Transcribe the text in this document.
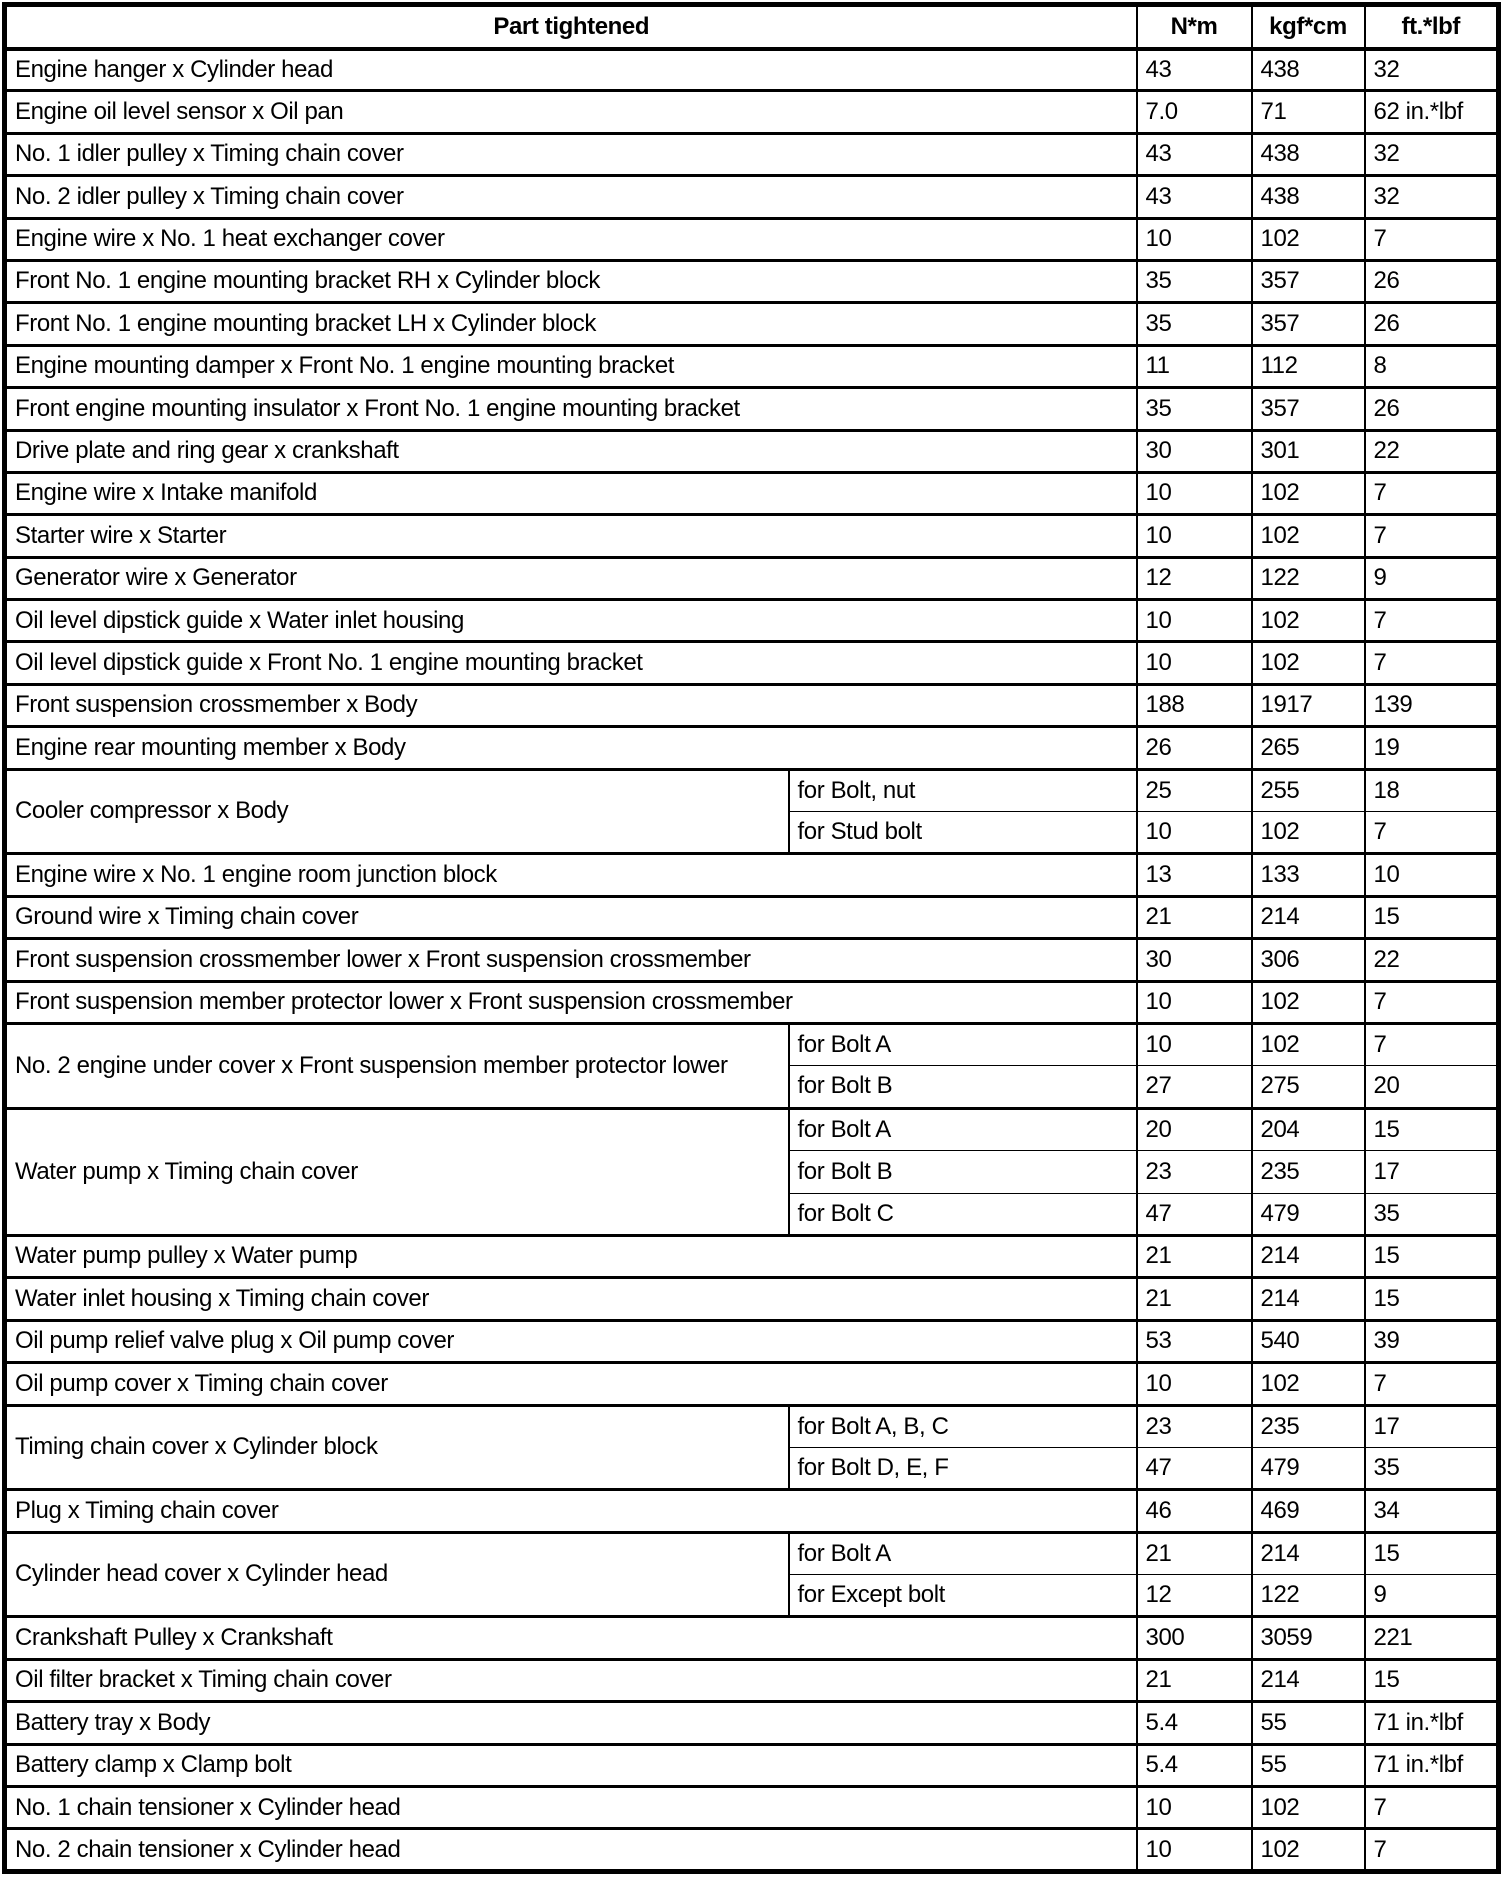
Part tightened		N*m	kgf*cm	ft.*lbf
Engine hanger x Cylinder head		43	438	32
Engine oil level sensor x Oil pan		7.0	71	62 in.*lbf
No. 1 idler pulley x Timing chain cover		43	438	32
No. 2 idler pulley x Timing chain cover		43	438	32
Engine wire x No. 1 heat exchanger cover		10	102	7
Front No. 1 engine mounting bracket RH x Cylinder block		35	357	26
Front No. 1 engine mounting bracket LH x Cylinder block		35	357	26
Engine mounting damper x Front No. 1 engine mounting bracket		11	112	8
Front engine mounting insulator x Front No. 1 engine mounting bracket		35	357	26
Drive plate and ring gear x crankshaft		30	301	22
Engine wire x Intake manifold		10	102	7
Starter wire x Starter		10	102	7
Generator wire x Generator		12	122	9
Oil level dipstick guide x Water inlet housing		10	102	7
Oil level dipstick guide x Front No. 1 engine mounting bracket		10	102	7
Front suspension crossmember x Body		188	1917	139
Engine rear mounting member x Body		26	265	19
Cooler compressor x Body	for Bolt, nut	25	255	18
	for Stud bolt	10	102	7
Engine wire x No. 1 engine room junction block		13	133	10
Ground wire x Timing chain cover		21	214	15
Front suspension crossmember lower x Front suspension crossmember		30	306	22
Front suspension member protector lower x Front suspension crossmember		10	102	7
No. 2 engine under cover x Front suspension member protector lower	for Bolt A	10	102	7
	for Bolt B	27	275	20
Water pump x Timing chain cover	for Bolt A	20	204	15
	for Bolt B	23	235	17
	for Bolt C	47	479	35
Water pump pulley x Water pump		21	214	15
Water inlet housing x Timing chain cover		21	214	15
Oil pump relief valve plug x Oil pump cover		53	540	39
Oil pump cover x Timing chain cover		10	102	7
Timing chain cover x Cylinder block	for Bolt A, B, C	23	235	17
	for Bolt D, E, F	47	479	35
Plug x Timing chain cover		46	469	34
Cylinder head cover x Cylinder head	for Bolt A	21	214	15
	for Except bolt	12	122	9
Crankshaft Pulley x Crankshaft		300	3059	221
Oil filter bracket x Timing chain cover		21	214	15
Battery tray x Body		5.4	55	71 in.*lbf
Battery clamp x Clamp bolt		5.4	55	71 in.*lbf
No. 1 chain tensioner x Cylinder head		10	102	7
No. 2 chain tensioner x Cylinder head		10	102	7
